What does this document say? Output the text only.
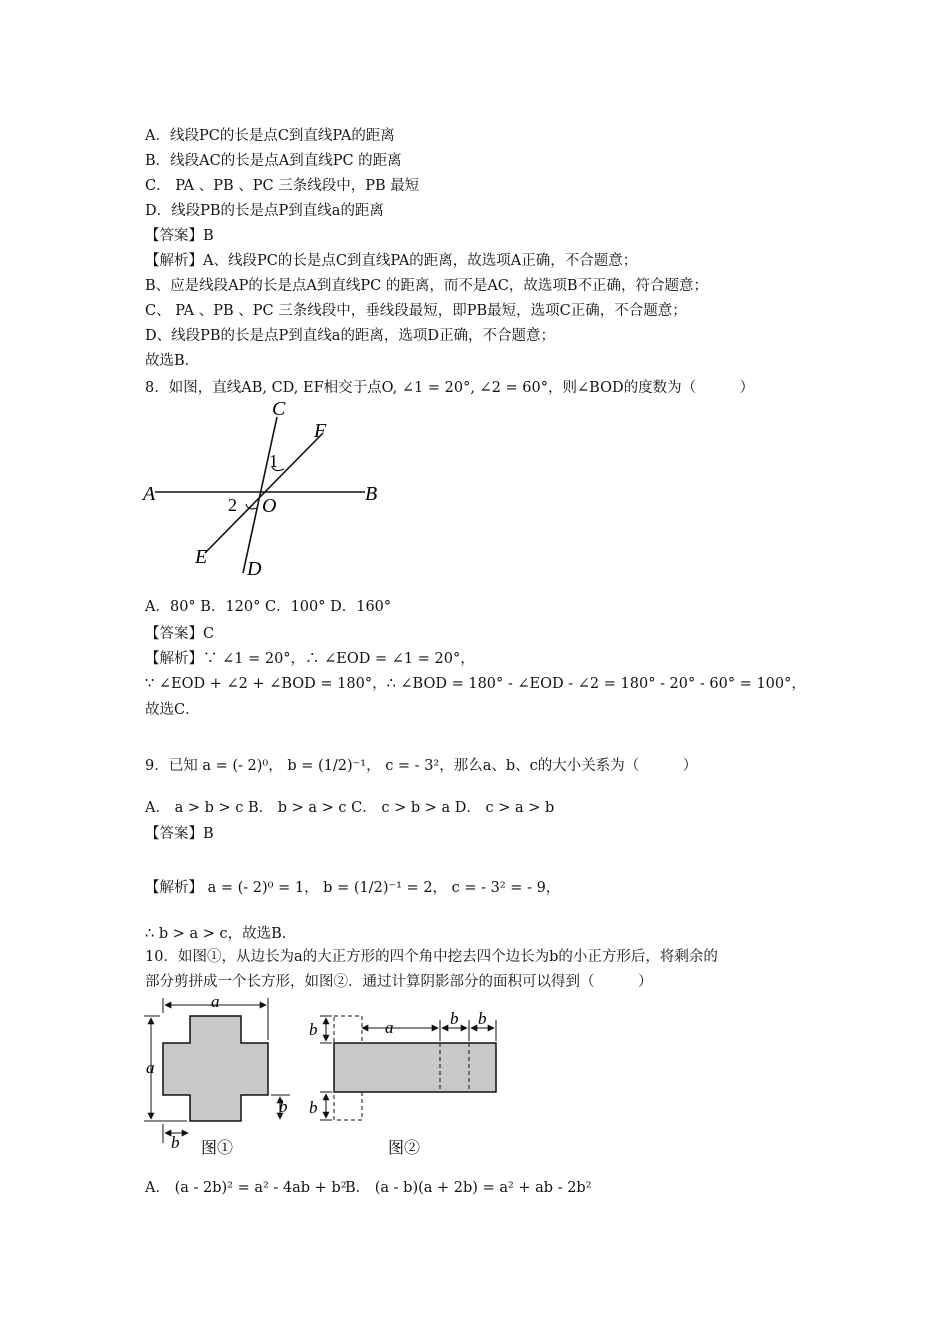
A．线段PC的长是点C到直线PA的距离
B．线段AC的长是点A到直线PC 的距离
C． PA 、PB 、PC 三条线段中，PB 最短
D．线段PB的长是点P到直线a的距离
【答案】B
【解析】A、线段PC的长是点C到直线PA的距离，故选项A正确，不合题意；
B、应是线段AP的长是点A到直线PC 的距离，而不是AC，故选项B不正确，符合题意；
C、 PA 、PB 、PC 三条线段中，垂线段最短，即PB最短，选项C正确，不合题意；
D、线段PB的长是点P到直线a的距离，选项D正确，不合题意；
故选B．
8．如图，直线AB, CD, EF相交于点O, ∠1 = 20°, ∠2 = 60°，则∠BOD的度数为（　　　）
A	B
C
D
E
F
O
1
2
A．80° B．120° C．100° D．160°
【答案】C
【解析】∵ ∠1 = 20°，∴ ∠EOD = ∠1 = 20°，
∵ ∠EOD + ∠2 + ∠BOD = 180°，∴ ∠BOD = 180° - ∠EOD - ∠2 = 180° - 20° - 60° = 100°，
故选C．
9．已知 a = (- 2)⁰， b = (1/2)⁻¹， c = - 3²，那么a、b、c的大小关系为（　　　）
A． a > b > c B． b > a > c C． c > b > a D． c > a > b
【答案】B
【解析】 a = (- 2)⁰ = 1， b = (1/2)⁻¹ = 2， c = - 3² = - 9，
∴ b > a > c，故选B．
10．如图①，从边长为a的大正方形的四个角中挖去四个边长为b的小正方形后，将剩余的
部分剪拼成一个长方形，如图②．通过计算阴影部分的面积可以得到（　　　）
a
a
b
b 图①
b	a	b b
b
图②
A． (a - 2b)² = a² - 4ab + b²
B． (a - b)(a + 2b) = a² + ab - 2b²
